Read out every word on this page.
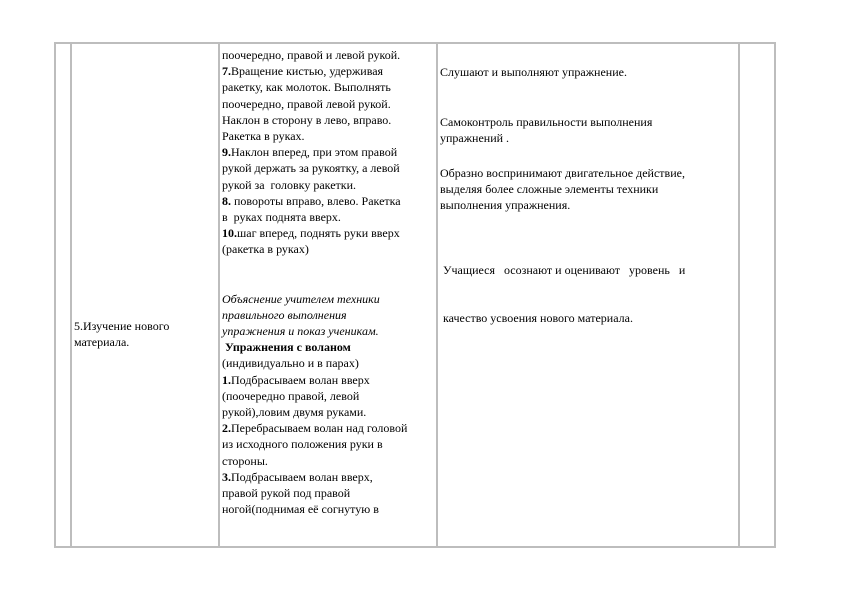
5.Изучение нового
материала.
поочередно, правой и левой рукой.
7.Вращение кистью, удерживая
ракетку, как молоток. Выполнять
поочередно, правой левой рукой.
Наклон в сторону в лево, вправо.
Ракетка в руках.
9.Наклон вперед, при этом правой
рукой держать за рукоятку, а левой
рукой за  головку ракетки.
8. повороты вправо, влево. Ракетка
в  руках поднята вверх.
10.шаг вперед, поднять руки вверх
(ракетка в руках)
Объяснение учителем техники
правильного выполнения
упражнения и показ ученикам.
Упражнения с воланом
(индивидуально и в парах)
1.Подбрасываем волан вверх
(поочередно правой, левой
рукой),ловим двумя руками.
2.Перебрасываем волан над головой
из исходного положения руки в
стороны.
3.Подбрасываем волан вверх,
правой рукой под правой
ногой(поднимая её согнутую в
Слушают и выполняют упражнение.
Самоконтроль правильности выполнения
упражнений .
Образно воспринимают двигательное действие,
выделяя более сложные элементы техники
выполнения упражнения.

Учащиеся   осознают и оценивают   уровень   и

качество усвоения нового материала.
